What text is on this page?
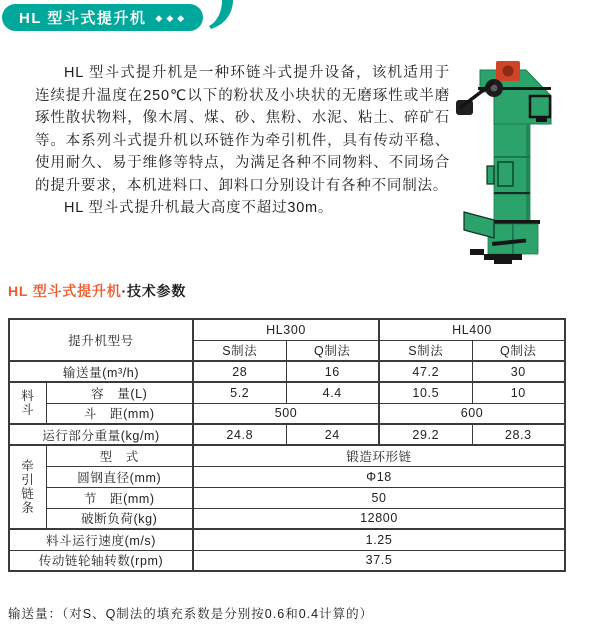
HL 型斗式提升机 ◆◆◆

HL 型斗式提升机是一种环链斗式提升设备，该机适用于连续提升温度在250℃以下的粉状及小块状的无磨琢性或半磨琢性散状物料，像木屑、煤、砂、焦粉、水泥、粘土、碎矿石等。本系列斗式提升机以环链作为牵引机件，具有传动平稳、使用耐久、易于维修等特点，为满足各种不同物料、不同场合的提升要求，本机进料口、卸料口分别设计有各种不同制法。

HL 型斗式提升机最大高度不超过30m。

HL 型斗式提升机·技术参数
提升机型号		HL300		HL400	
		S制法	Q制法	S制法	Q制法
输送量(m³/h)		28	16	47.2	30
料斗	容　量(L)	5.2	4.4	10.5	10
	斗　距(mm)	500		600	
运行部分重量(kg/m)		24.8	24	29.2	28.3
牵引链条	型　式	锻造环形链			
	圆钢直径(mm)	Φ18			
	节　距(mm)	50			
	破断负荷(kg)	12800			
料斗运行速度(m/s)		1.25			
传动链轮轴转数(rpm)		37.5			
输送量：（对S、Q制法的填充系数是分别按0.6和0.4计算的）
